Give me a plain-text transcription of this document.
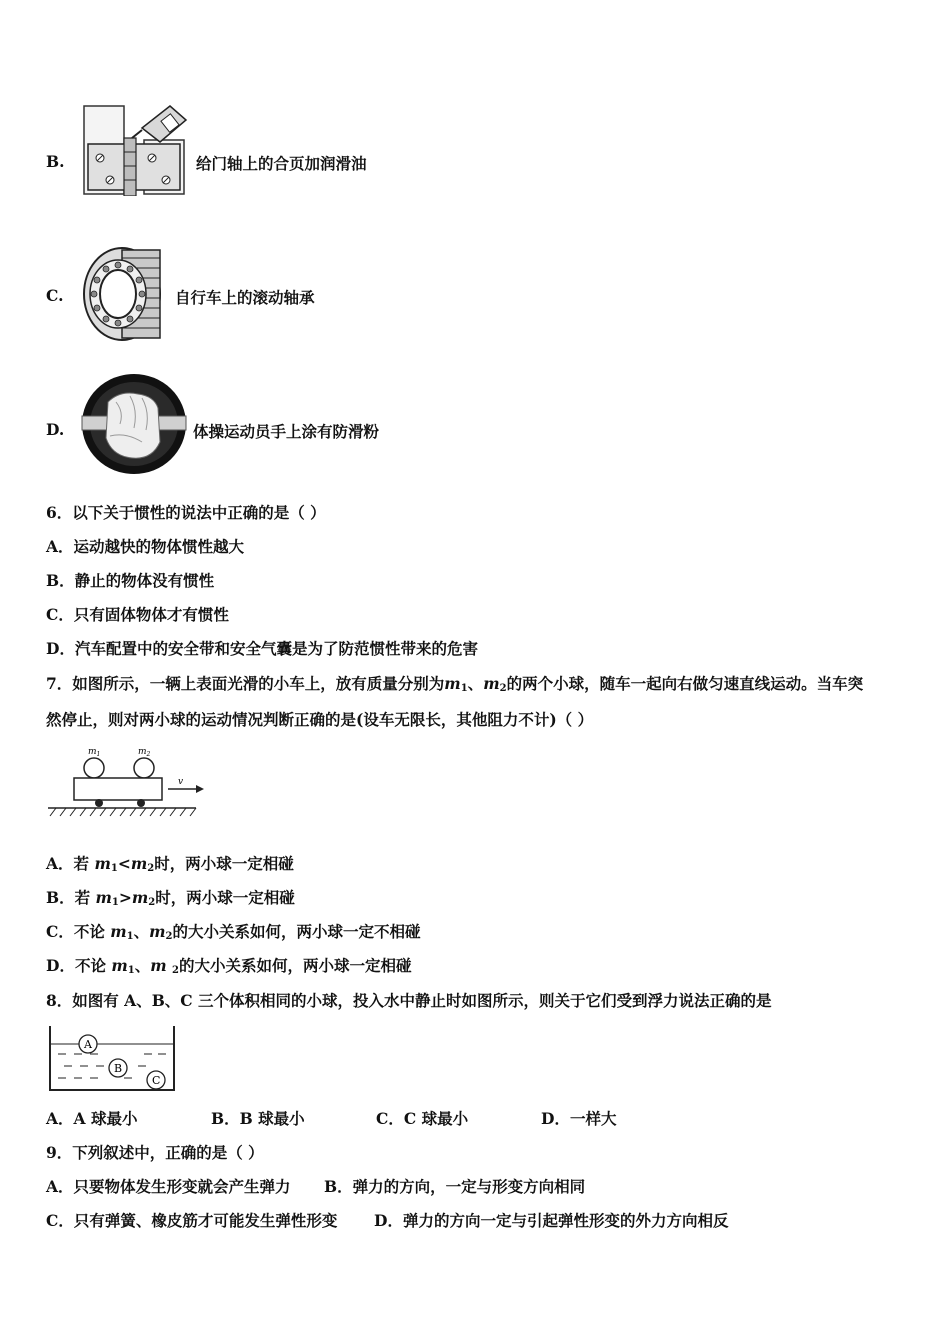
B.	给门轴上的合页加润滑油
C.	自行车上的滚动轴承
D.	体操运动员手上涂有防滑粉
6．以下关于惯性的说法中正确的是（ ）
A．运动越快的物体惯性越大
B．静止的物体没有惯性
C．只有固体物体才有惯性
D．汽车配置中的安全带和安全气囊是为了防范惯性带来的危害
7．如图所示，一辆上表面光滑的小车上，放有质量分别为$m_1$、$m_2$的两个小球，随车一起向右做匀速直线运动。当车突
然停止，则对两小球的运动情况判断正确的是(设车无限长，其他阻力不计)（ ）
$m_1$	$m_2$
v
A．若 $m_1<m_2$时，两小球一定相碰
B．若 $m_1>m_2$时，两小球一定相碰
C．不论 $m_1$、$m_2$的大小关系如何，两小球一定不相碰
D．不论 $m_1$、m $_2$的大小关系如何，两小球一定相碰
8．如图有 A、B、C 三个体积相同的小球，投入水中静止时如图所示，则关于它们受到浮力说法正确的是
A
B
C
A．A 球最小	B．B 球最小	C．C 球最小	D．一样大
9．下列叙述中，正确的是（ ）
A．只要物体发生形变就会产生弹力 B．弹力的方向，一定与形变方向相同
C．只有弹簧、橡皮筋才可能发生弹性形变 D．弹力的方向一定与引起弹性形变的外力方向相反
